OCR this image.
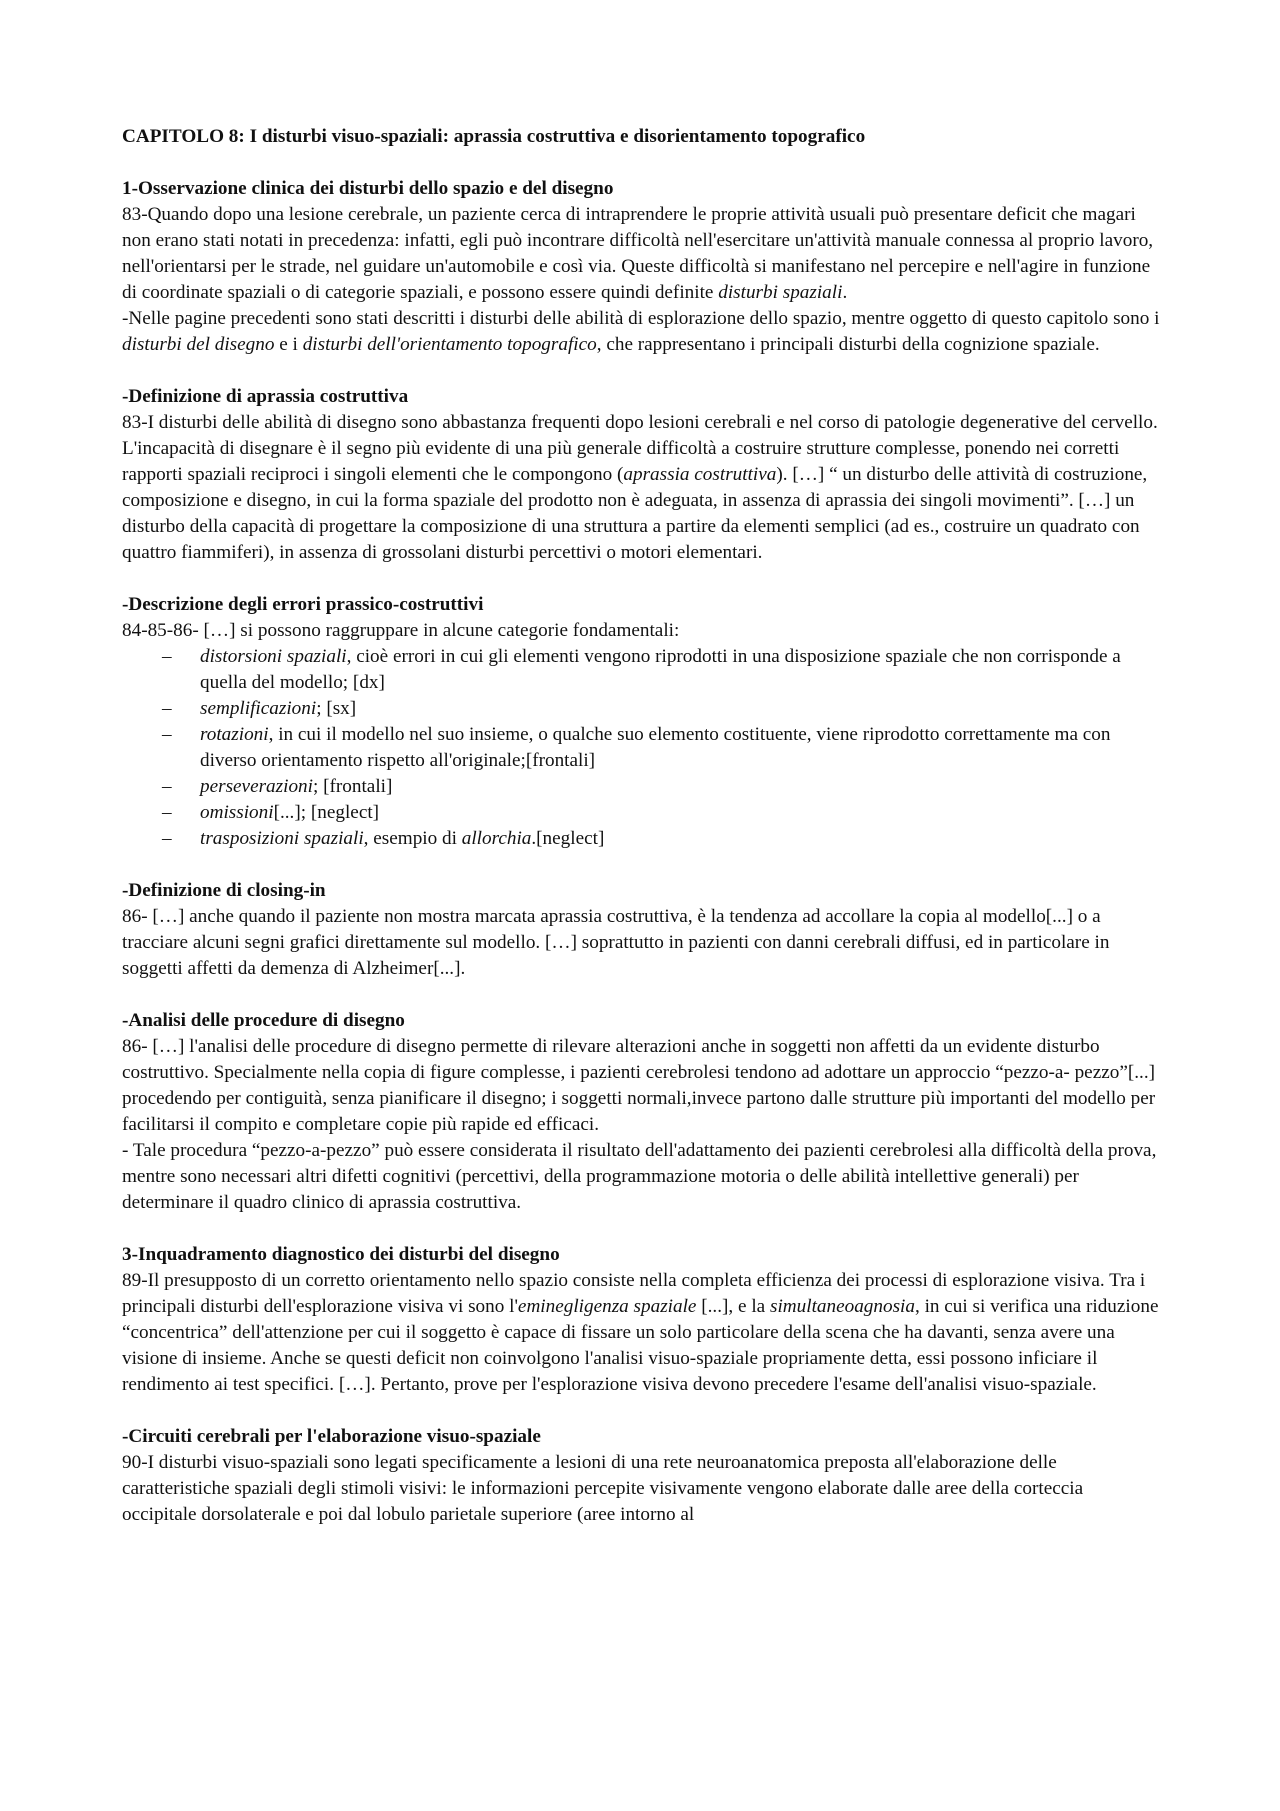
CAPITOLO 8: I disturbi visuo-spaziali: aprassia costruttiva e disorientamento topografico

1-Osservazione clinica dei disturbi dello spazio e del disegno

83-Quando dopo una lesione cerebrale, un paziente cerca di intraprendere le proprie attività usuali può presentare deficit che magari non erano stati notati in precedenza: infatti, egli può incontrare difficoltà nell'esercitare un'attività manuale connessa al proprio lavoro, nell'orientarsi per le strade, nel guidare un'automobile e così via. Queste difficoltà si manifestano nel percepire e nell'agire in funzione di coordinate spaziali o di categorie spaziali, e possono essere quindi definite disturbi spaziali.

-Nelle pagine precedenti sono stati descritti i disturbi delle abilità di esplorazione dello spazio, mentre oggetto di questo capitolo sono i disturbi del disegno e i disturbi dell'orientamento topografico, che rappresentano i principali disturbi della cognizione spaziale.

-Definizione di aprassia costruttiva

83-I disturbi delle abilità di disegno sono abbastanza frequenti dopo lesioni cerebrali e nel corso di patologie degenerative del cervello.

L'incapacità di disegnare è il segno più evidente di una più generale difficoltà a costruire strutture complesse, ponendo nei corretti rapporti spaziali reciproci i singoli elementi che le compongono (aprassia costruttiva). […] “ un disturbo delle attività di costruzione, composizione e disegno, in cui la forma spaziale del prodotto non è adeguata, in assenza di aprassia dei singoli movimenti”. […] un disturbo della capacità di progettare la composizione di una struttura a partire da elementi semplici (ad es., costruire un quadrato con quattro fiammiferi), in assenza di grossolani disturbi percettivi o motori elementari.

-Descrizione degli errori prassico-costruttivi

84-85-86- […] si possono raggruppare in alcune categorie fondamentali:

– distorsioni spaziali, cioè errori in cui gli elementi vengono riprodotti in una disposizione spaziale che non corrisponde a quella del modello; [dx]
– semplificazioni; [sx]
– rotazioni, in cui il modello nel suo insieme, o qualche suo elemento costituente, viene riprodotto correttamente ma con diverso orientamento rispetto all'originale;[frontali]
– perseverazioni; [frontali]
– omissioni[...]; [neglect]
– trasposizioni spaziali, esempio di allorchia.[neglect]

-Definizione di closing-in

86- […] anche quando il paziente non mostra marcata aprassia costruttiva, è la tendenza ad accollare la copia al modello[...] o a tracciare alcuni segni grafici direttamente sul modello. […] soprattutto in pazienti con danni cerebrali diffusi, ed in particolare in soggetti affetti da demenza di Alzheimer[...].

-Analisi delle procedure di disegno

86- […] l'analisi delle procedure di disegno permette di rilevare alterazioni anche in soggetti non affetti da un evidente disturbo costruttivo. Specialmente nella copia di figure complesse, i pazienti cerebrolesi tendono ad adottare un approccio “pezzo-a- pezzo”[...] procedendo per contiguità, senza pianificare il disegno; i soggetti normali,invece partono dalle strutture più importanti del modello per facilitarsi il compito e completare copie più rapide ed efficaci.

- Tale procedura “pezzo-a-pezzo” può essere considerata il risultato dell'adattamento dei pazienti cerebrolesi alla difficoltà della prova, mentre sono necessari altri difetti cognitivi (percettivi, della programmazione motoria o delle abilità intellettive generali) per determinare il quadro clinico di aprassia costruttiva.

3-Inquadramento diagnostico dei disturbi del disegno

89-Il presupposto di un corretto orientamento nello spazio consiste nella completa efficienza dei processi di esplorazione visiva. Tra i principali disturbi dell'esplorazione visiva vi sono l'eminegligenza spaziale [...], e la simultaneoagnosia, in cui si verifica una riduzione “concentrica” dell'attenzione per cui il soggetto è capace di fissare un solo particolare della scena che ha davanti, senza avere una visione di insieme. Anche se questi deficit non coinvolgono l'analisi visuo-spaziale propriamente detta, essi possono inficiare il rendimento ai test specifici. […]. Pertanto, prove per l'esplorazione visiva devono precedere l'esame dell'analisi visuo-spaziale.

-Circuiti cerebrali per l'elaborazione visuo-spaziale

90-I disturbi visuo-spaziali sono legati specificamente a lesioni di una rete neuroanatomica preposta all'elaborazione delle caratteristiche spaziali degli stimoli visivi: le informazioni percepite visivamente vengono elaborate dalle aree della corteccia occipitale dorsolaterale e poi dal lobulo parietale superiore (aree intorno al
